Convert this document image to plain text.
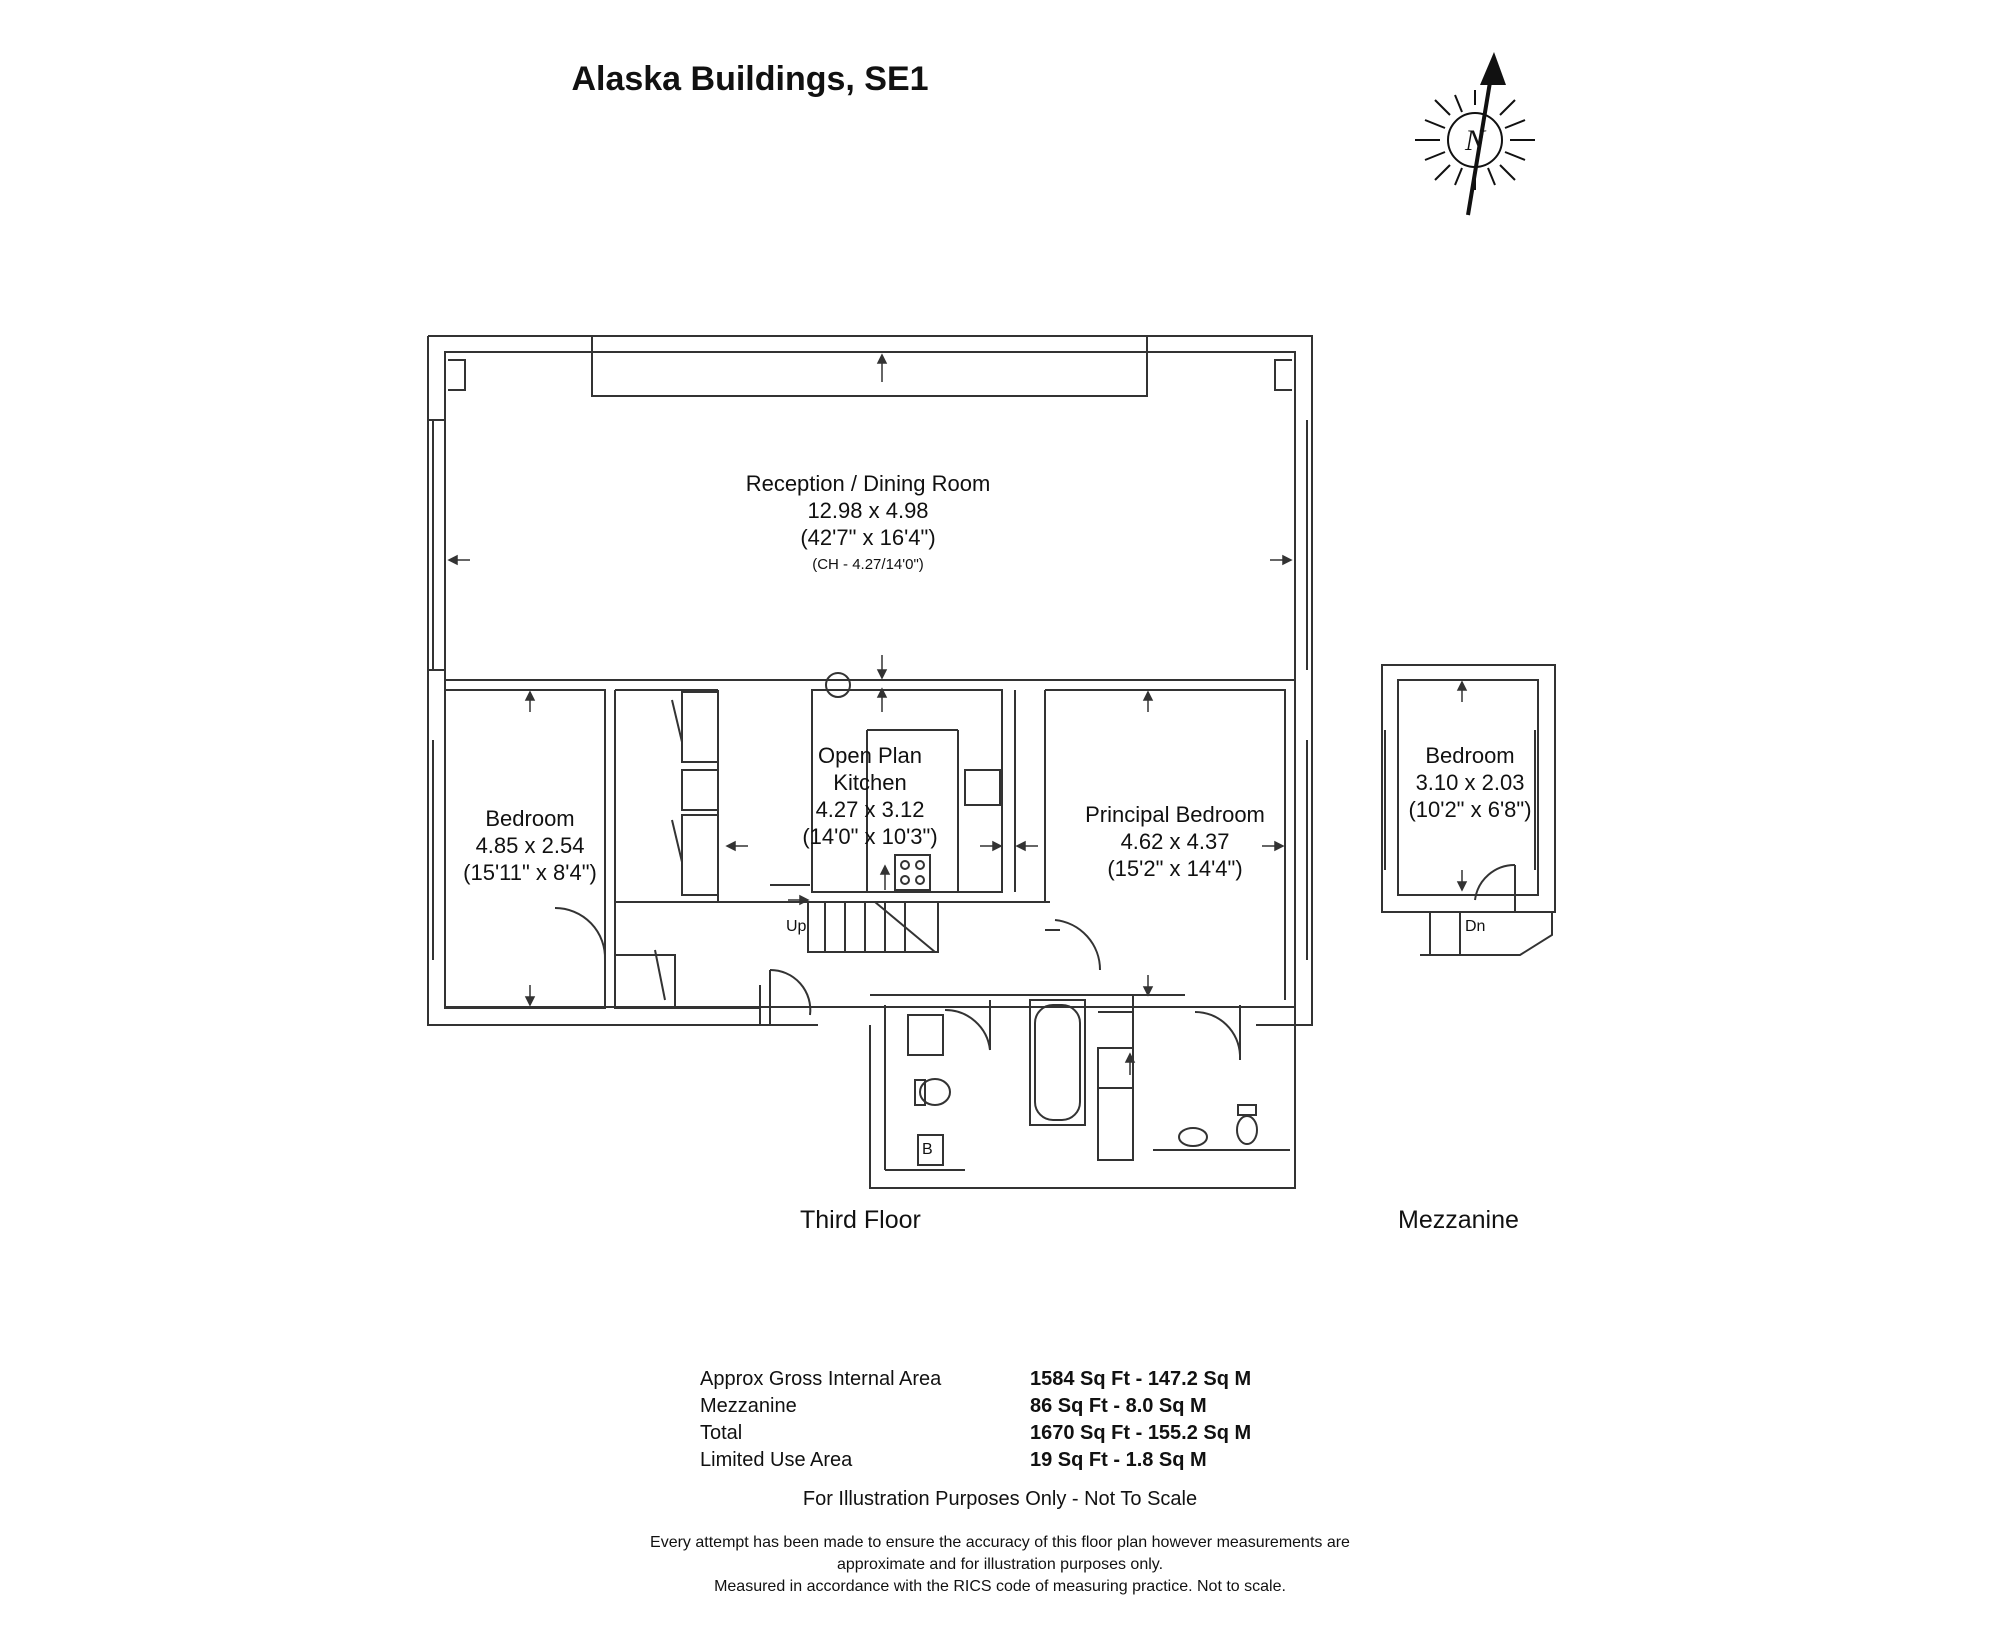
Alaska Buildings, SE1
N
Reception / Dining Room
12.98 x 4.98
(42'7" x 16'4")
(CH - 4.27/14'0")
Bedroom
4.85 x 2.54
(15'11" x 8'4")
Open Plan
Kitchen
4.27 x 3.12
(14'0" x 10'3")
Principal Bedroom
4.62 x 4.37
(15'2" x 14'4")
Bedroom
3.10 x 2.03
(10'2" x 6'8")
Up	Dn
B
Third Floor	Mezzanine
Approx Gross Internal Area	1584 Sq Ft - 147.2 Sq M
Mezzanine	86 Sq Ft - 8.0 Sq M
Total	1670 Sq Ft - 155.2 Sq M
Limited Use Area	19 Sq Ft - 1.8 Sq M
For Illustration Purposes Only - Not To Scale
Every attempt has been made to ensure the accuracy of this floor plan however measurements are
approximate and for illustration purposes only.
Measured in accordance with the RICS code of measuring practice. Not to scale.
